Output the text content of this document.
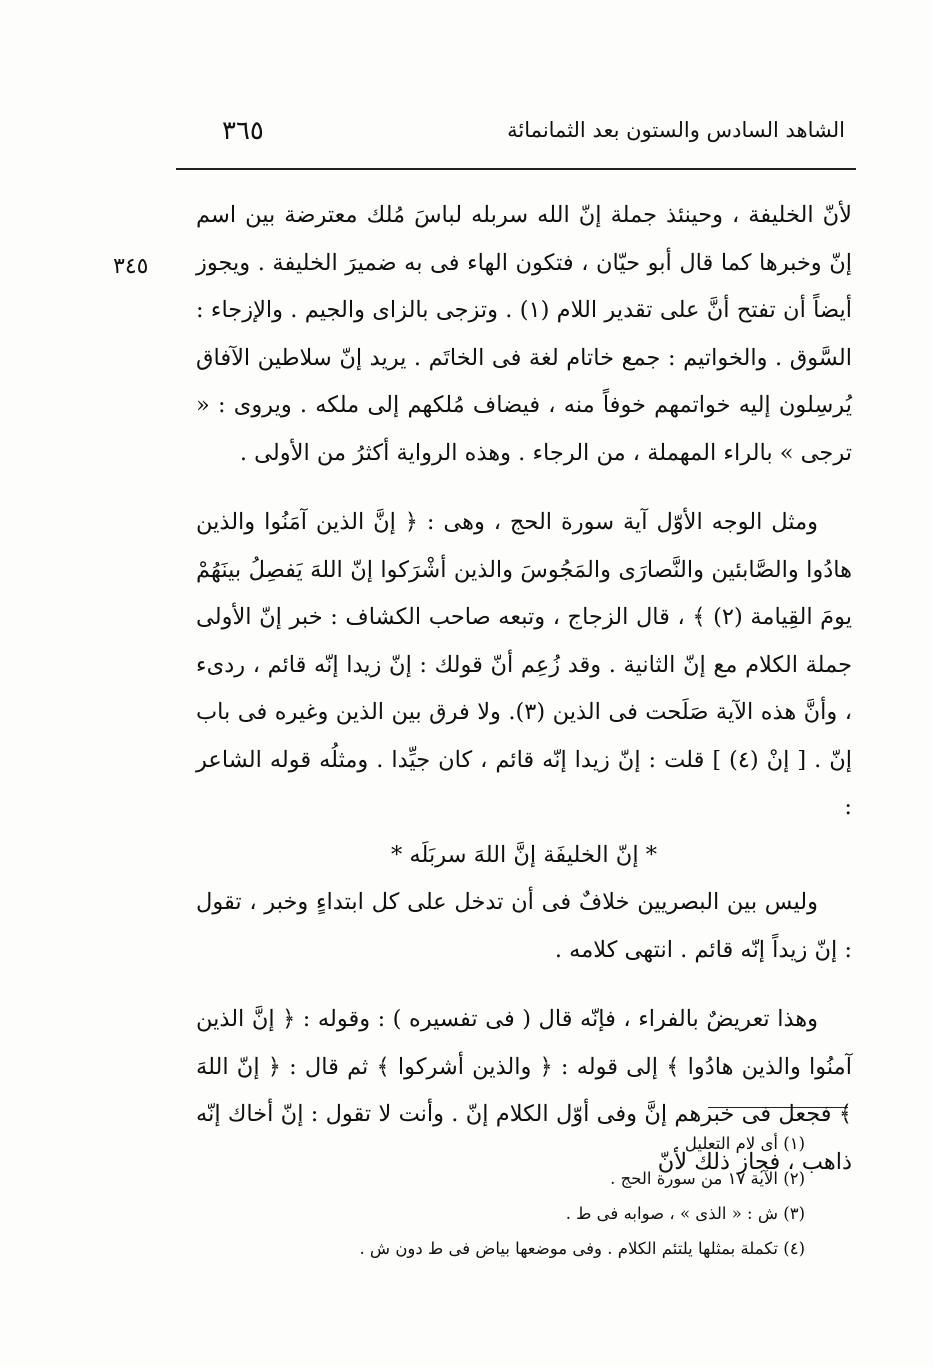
الشاهد السادس والستون بعد الثمانمائة
٣٦٥
٣٤٥

لأنّ الخليفة ، وحينئذ جملة إنّ الله سربله لباسَ مُلك معترضة بين اسم إنّ وخبرها كما قال أبو حيّان ، فتكون الهاء فى به ضميرَ الخليفة . ويجوز أيضاً أن تفتح أنَّ على تقدير اللام (١) . وتزجى بالزاى والجيم . والإزجاء : السَّوق . والخواتيم : جمع خاتام لغة فى الخاتَم . يريد إنّ سلاطين الآفاق يُرسِلون إليه خواتمهم خوفاً منه ، فيضاف مُلكهم إلى ملكه . ويروى : « ترجى » بالراء المهملة ، من الرجاء . وهذه الرواية أكثرُ من الأولى .

ومثل الوجه الأوّل آية سورة الحج ، وهى : ﴿ إنَّ الذين آمَنُوا والذين هادُوا والصَّابئين والنَّصارَى والمَجُوسَ والذين أشْرَكوا إنّ اللهَ يَفصِلُ بينَهُمْ يومَ القِيامة (٢) ﴾ ، قال الزجاج ، وتبعه صاحب الكشاف : خبر إنّ الأولى جملة الكلام مع إنّ الثانية . وقد زُعِم أنّ قولك : إنّ زيدا إنّه قائم ، ردىء ، وأنَّ هذه الآية صَلَحت فى الذين (٣). ولا فرق بين الذين وغيره فى باب إنّ . [ إنْ (٤) ] قلت : إنّ زيدا إنّه قائم ، كان جيِّدا . ومثلُه قوله الشاعر :

* إنّ الخليفَة إنَّ اللهَ سربَلَه *

وليس بين البصريين خلافٌ فى أن تدخل على كل ابتداءٍ وخبر ، تقول : إنّ زيداً إنّه قائم . انتهى كلامه .

وهذا تعريضٌ بالفراء ، فإنّه قال ( فى تفسيره ) : وقوله : ﴿ إنَّ الذين آمنُوا والذين هادُوا ﴾ إلى قوله : ﴿ والذين أشركوا ﴾ ثم قال : ﴿ إنّ اللهَ ﴾ فجعل فى خبرهم إنَّ وفى أوّل الكلام إنّ . وأنت لا تقول : إنّ أخاك إنّه ذاهب ، فجاز ذلك لأنّ

(١) أى لام التعليل .
(٢) الآية ١٧ من سورة الحج .
(٣) ش : « الذى » ، صوابه فى ط .
(٤) تكملة بمثلها يلتئم الكلام . وفى موضعها بياض فى ط دون ش .
